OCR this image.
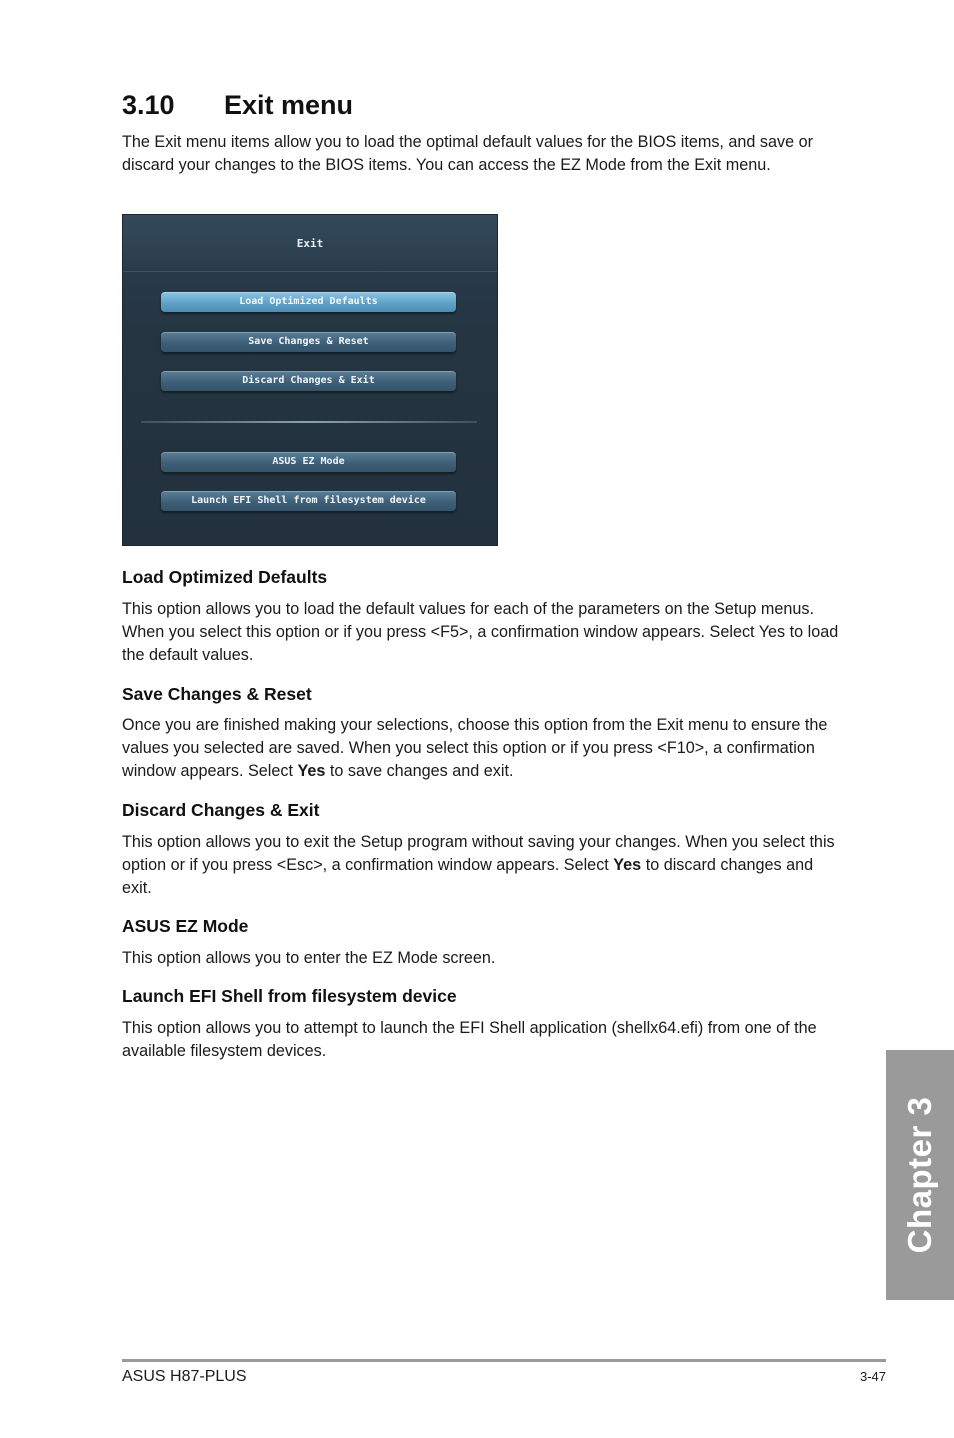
3.10 Exit menu

The Exit menu items allow you to load the optimal default values for the BIOS items, and save or discard your changes to the BIOS items. You can access the EZ Mode from the Exit menu.

Exit
Load Optimized Defaults
Save Changes & Reset
Discard Changes & Exit
ASUS EZ Mode
Launch EFI Shell from filesystem device
Load Optimized Defaults

This option allows you to load the default values for each of the parameters on the Setup menus. When you select this option or if you press <F5>, a confirmation window appears. Select Yes to load the default values.

Save Changes & Reset

Once you are finished making your selections, choose this option from the Exit menu to ensure the values you selected are saved. When you select this option or if you press <F10>, a confirmation window appears. Select Yes to save changes and exit.

Discard Changes & Exit

This option allows you to exit the Setup program without saving your changes. When you select this option or if you press <Esc>, a confirmation window appears. Select Yes to discard changes and exit.

ASUS EZ Mode

This option allows you to enter the EZ Mode screen.

Launch EFI Shell from filesystem device

This option allows you to attempt to launch the EFI Shell application (shellx64.efi) from one of the available filesystem devices.

Chapter 3
ASUS H87-PLUS	3-47
